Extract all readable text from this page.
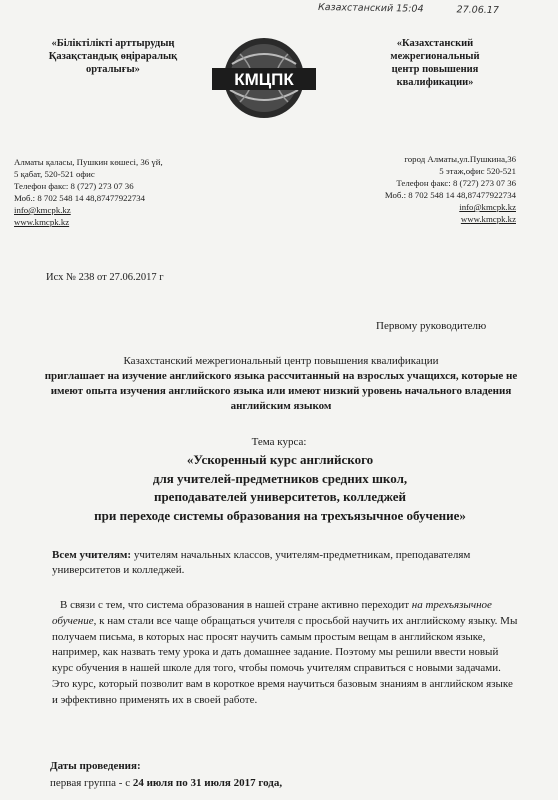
Казахстанский 15:04	27.06.17
«Біліктілікті арттырудың
Қазақстандық өңіраралық
орталығы»
КМЦПК
«Казахстанский
межрегиональный
центр повышения
квалификации»
Алматы қаласы, Пушкин көшесі, 36 үй,
5 қабат, 520-521 офис
Телефон факс: 8 (727) 273 07 36
Моб.: 8 702 548 14 48,87477922734
info@kmcpk.kz
www.kmcpk.kz
город Алматы,ул.Пушкина,36
5 этаж,офис 520-521
Телефон факс: 8 (727) 273 07 36
Моб.: 8 702 548 14 48,87477922734
info@kmcpk.kz
www.kmcpk.kz
Исх № 238 от 27.06.2017 г
Первому руководителю
Казахстанский межрегиональный центр повышения квалификации
приглашает на изучение английского языка рассчитанный на взрослых учащихся, которые не имеют опыта изучения английского языка или имеют низкий уровень начального владения английским языком
Тема курса:
«Ускоренный курс английского
для учителей-предметников средних школ,
преподавателей университетов, колледжей
при переходе системы образования на трехъязычное обучение»
Всем учителям: учителям начальных классов, учителям-предметникам, преподавателям университетов и колледжей.
В связи с тем, что система образования в нашей стране активно переходит на трехъязычное обучение, к нам стали все чаще обращаться учителя с просьбой научить их английскому языку. Мы получаем письма, в которых нас просят научить самым простым вещам в английском языке, например, как назвать тему урока и дать домашнее задание. Поэтому мы решили ввести новый курс обучения в нашей школе для того, чтобы помочь учителям справиться с новыми задачами. Это курс, который позволит вам в короткое время научиться базовым знаниям в английском языке и эффективно применять их в своей работе.
Даты проведения:
первая группа - с 24 июля по 31 июля 2017 года,
